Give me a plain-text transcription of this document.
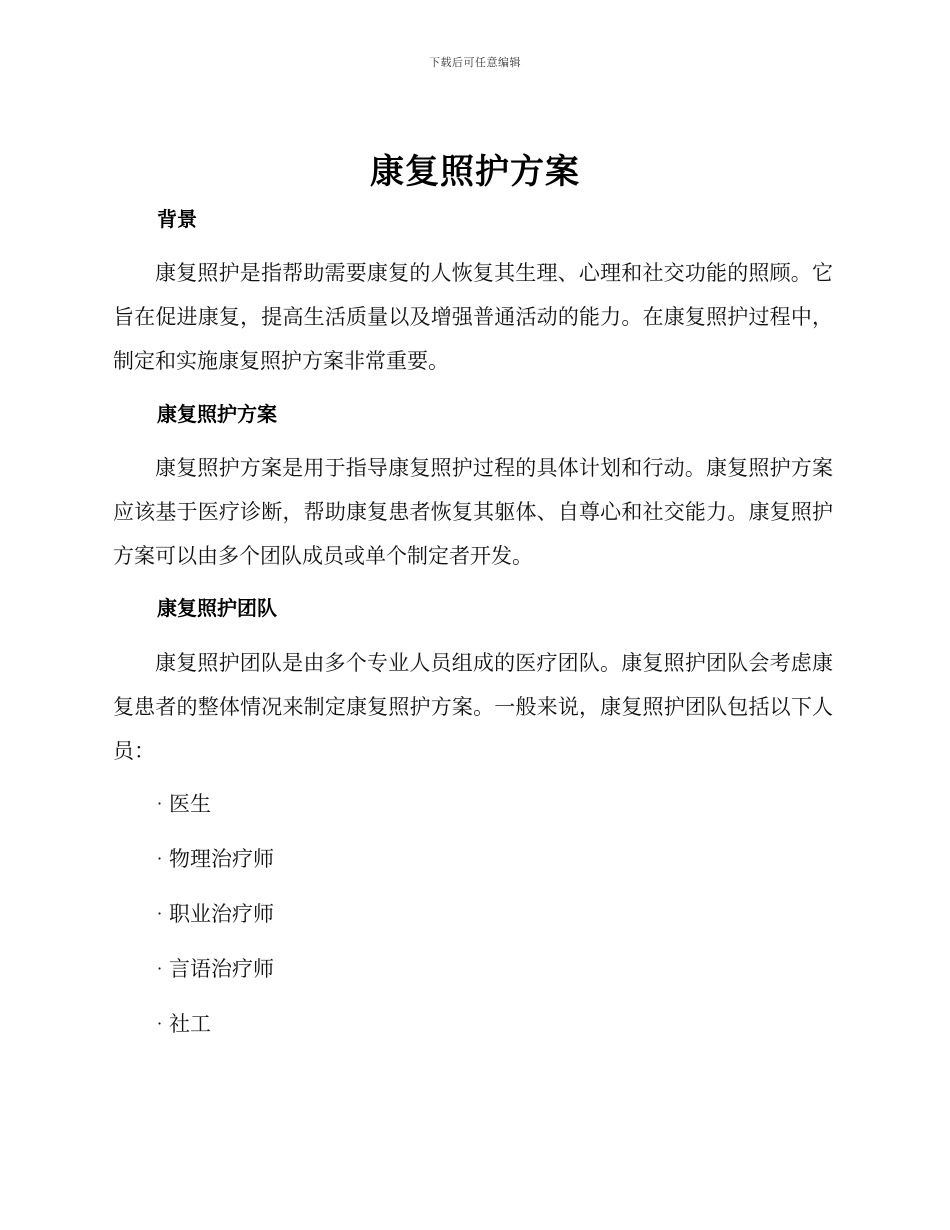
下载后可任意编辑
康复照护方案
背景

康复照护是指帮助需要康复的人恢复其生理、心理和社交功能的照顾。它旨在促进康复，提高生活质量以及增强普通活动的能力。在康复照护过程中，制定和实施康复照护方案非常重要。

康复照护方案

康复照护方案是用于指导康复照护过程的具体计划和行动。康复照护方案应该基于医疗诊断，帮助康复患者恢复其躯体、自尊心和社交能力。康复照护方案可以由多个团队成员或单个制定者开发。

康复照护团队

康复照护团队是由多个专业人员组成的医疗团队。康复照护团队会考虑康复患者的整体情况来制定康复照护方案。一般来说，康复照护团队包括以下人员：

· 医生
· 物理治疗师
· 职业治疗师
· 言语治疗师
· 社工
